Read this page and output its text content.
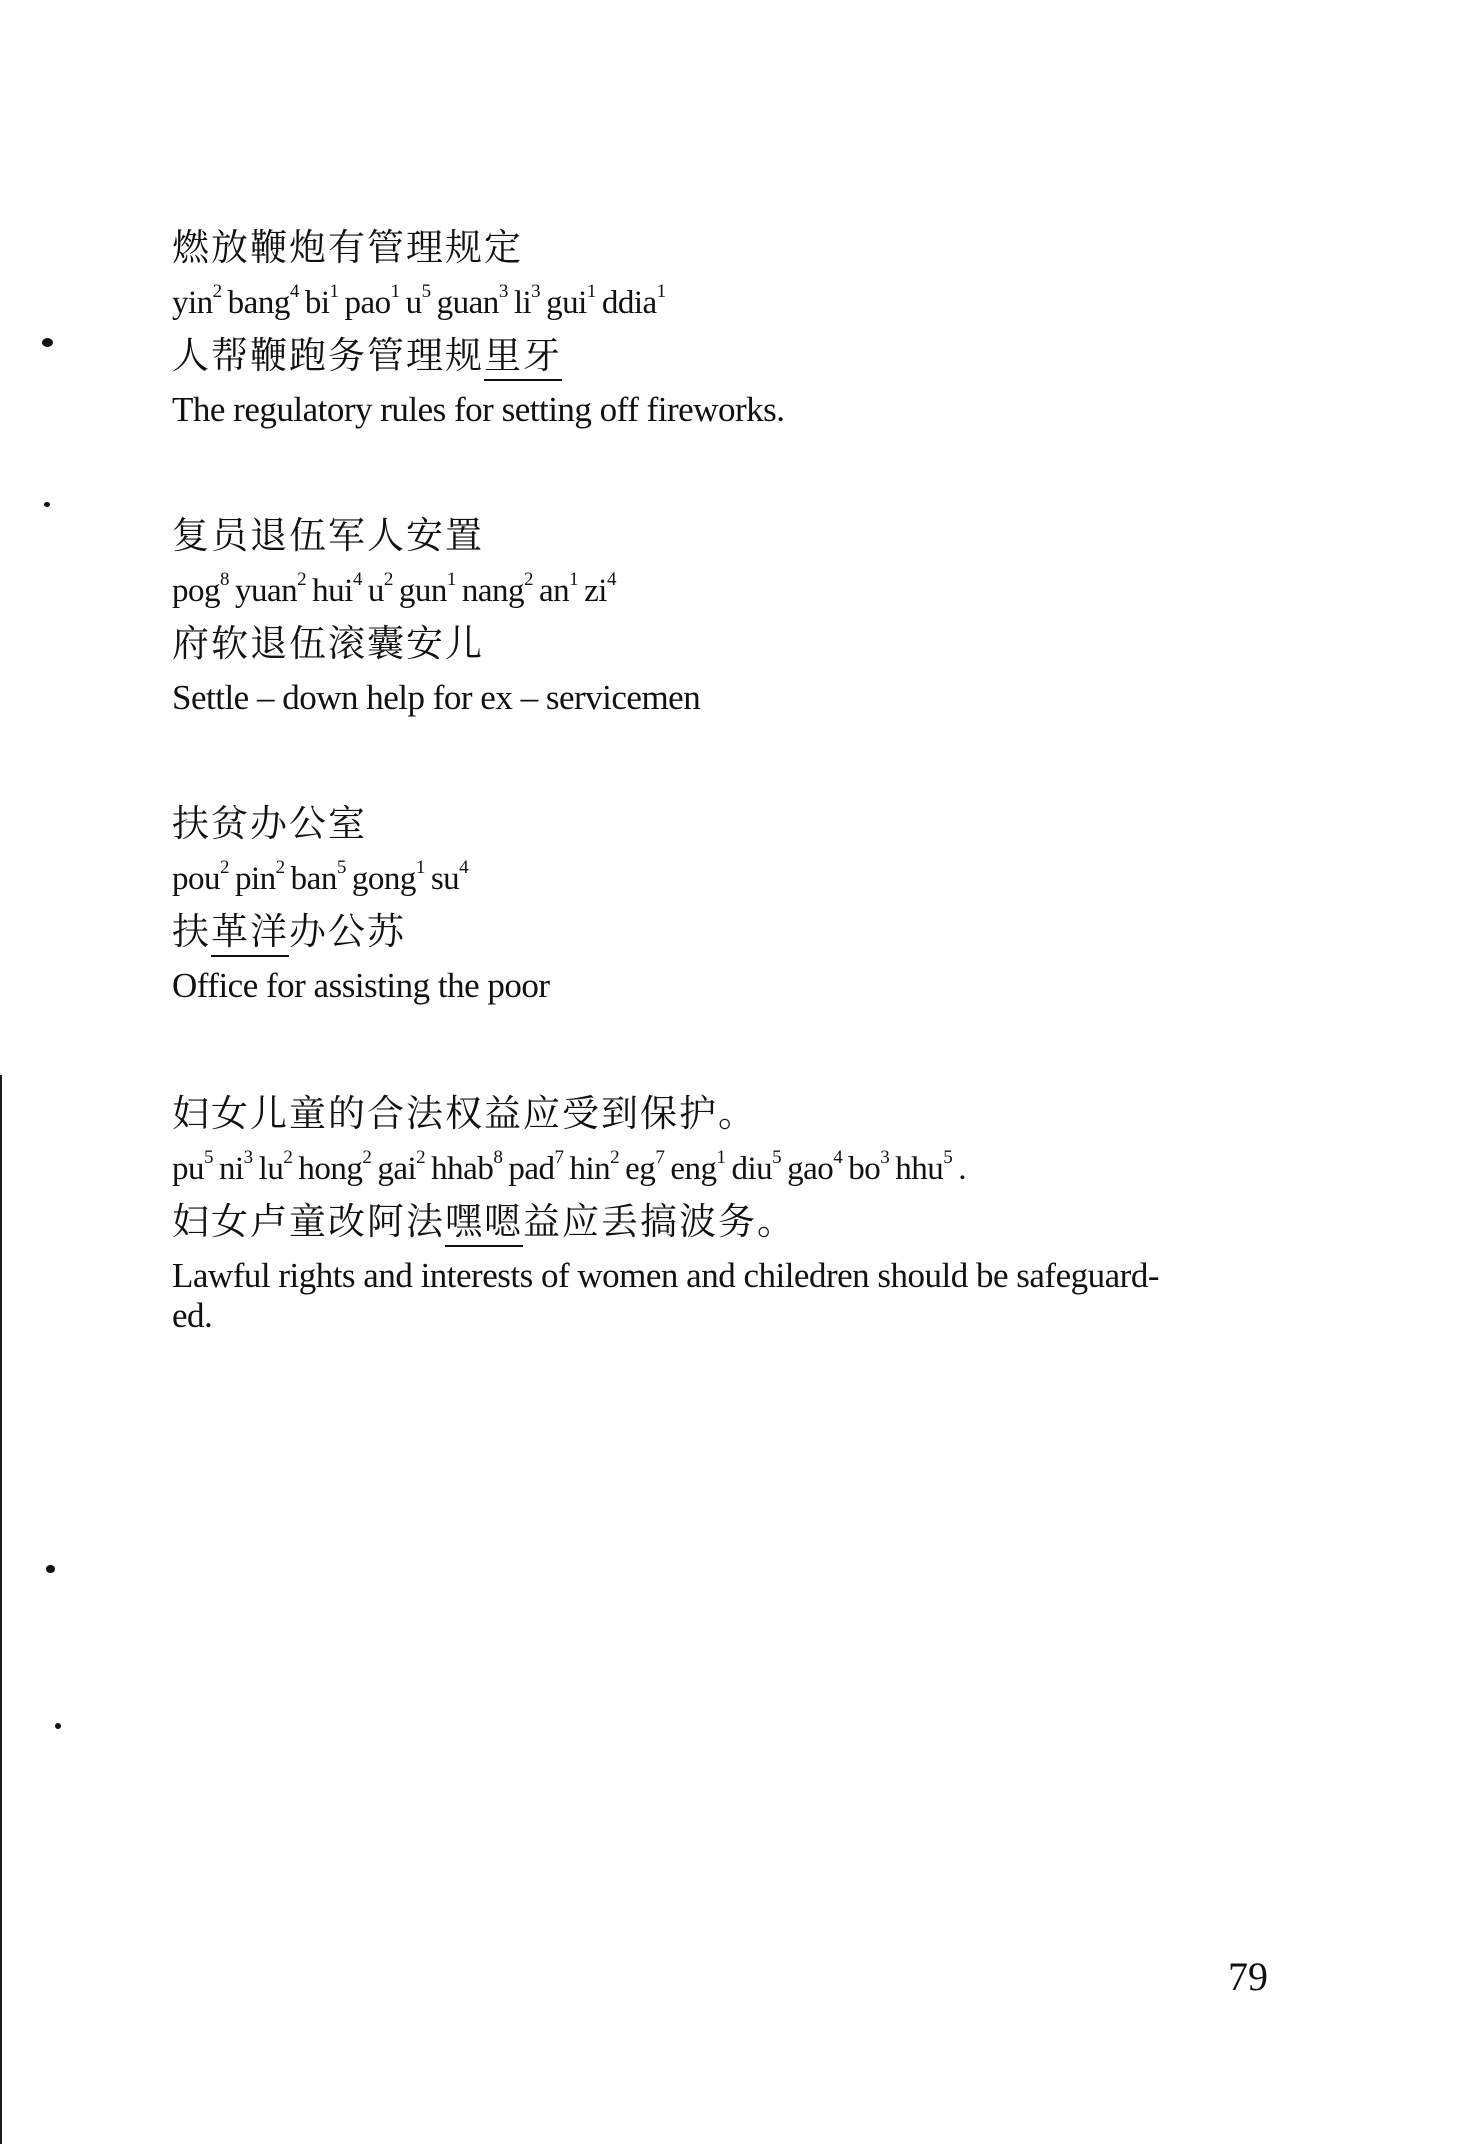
燃放鞭炮有管理规定

yin$^2$ bang$^4$ $bi^1$ pao$^1$ $u^5$ guan$^3$ $li^3$ gui$^1$ ddia$^1$

人帮鞭跑务管理规里牙

The regulatory rules for setting off fireworks.

复员退伍军人安置

pog$^8$ yuan$^2$ hui$^4$ $u^2$ gun$^1$ nang$^2$ $an^1$ $zi^4$

府软退伍滚囊安儿

Settle – down help for ex – servicemen

扶贫办公室

pou$^2$ pin$^2$ ban$^5$ gong$^1$ $su^4$

扶革洋办公苏

Office for assisting the poor

妇女儿童的合法权益应受到保护。

$pu^5$ $ni^3$ $lu^2$ hong$^2$ gai$^2$ hhab$^8$ pad$^7$ hin$^2$ $eg^7$ eng$^1$ diu$^5$ gao$^4$ $bo^3$ hhu$^5$ .

妇女卢童改阿法嘿嗯益应丢搞波务。

Lawful rights and interests of women and chiledren should be safeguard-

ed.

79
